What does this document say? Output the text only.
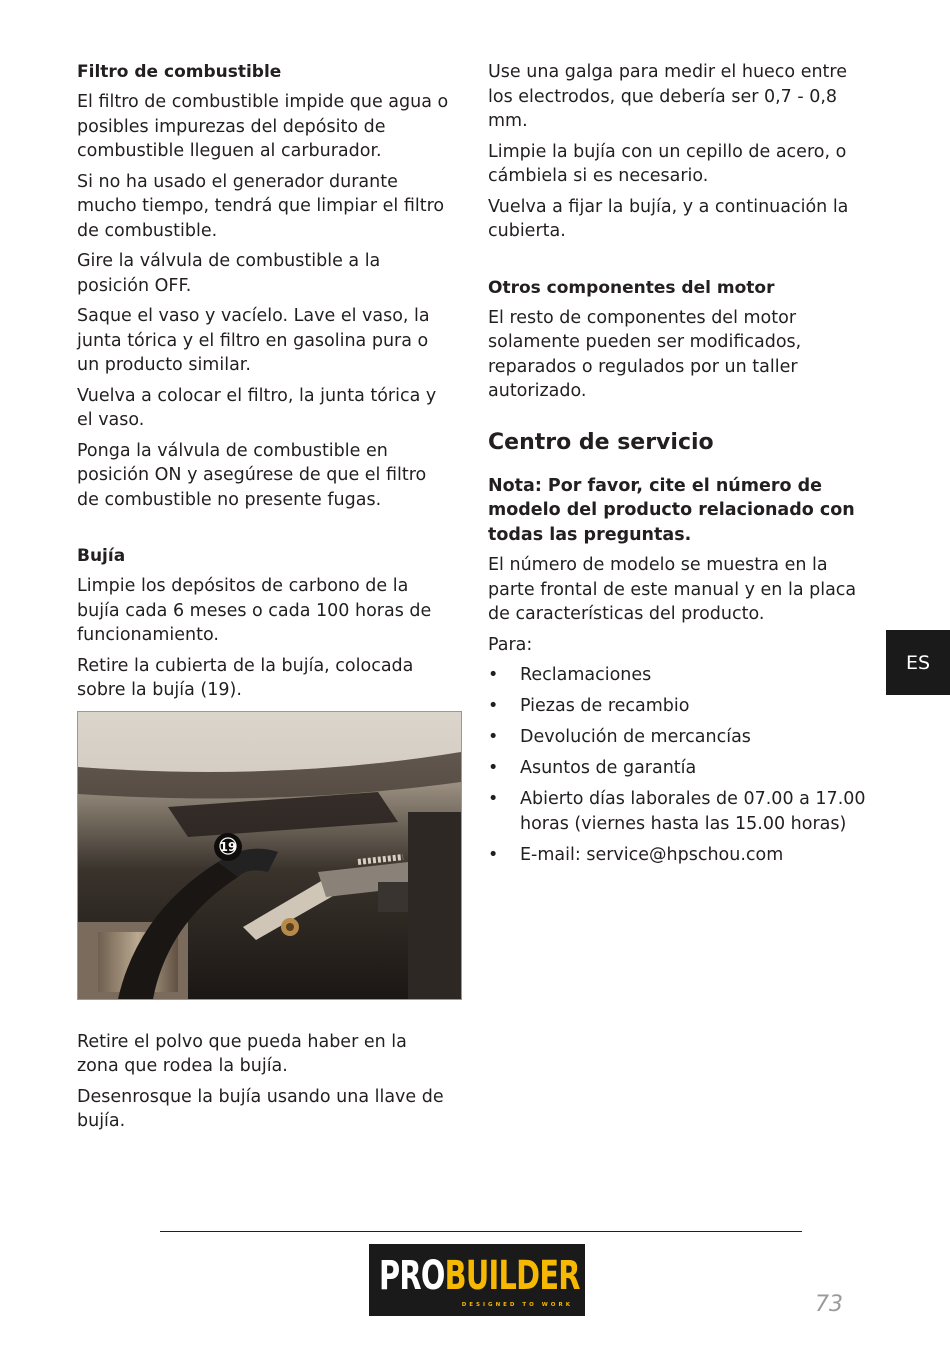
Filtro de combustible

El filtro de combustible impide que agua o posibles impurezas del depósito de combustible lleguen al carburador.

Si no ha usado el generador durante mucho tiempo, tendrá que limpiar el filtro de combustible.

Gire la válvula de combustible a la posición OFF.

Saque el vaso y vacíelo. Lave el vaso, la junta tórica y el filtro en gasolina pura o un producto similar.

Vuelva a colocar el filtro, la junta tórica y el vaso.

Ponga la válvula de combustible en posición ON y asegúrese de que el filtro de combustible no presente fugas.

Bujía

Limpie los depósitos de carbono de la bujía cada 6 meses o cada 100 horas de funcionamiento.

Retire la cubierta de la bujía, colocada sobre la bujía (19).

19

Retire el polvo que pueda haber en la zona que rodea la bujía.

Desenrosque la bujía usando una llave de bujía.

Use una galga para medir el hueco entre los electrodos, que debería ser 0,7 - 0,8 mm.

Limpie la bujía con un cepillo de acero, o cámbiela si es necesario.

Vuelva a fijar la bujía, y a continuación la cubierta.

Otros componentes del motor

El resto de componentes del motor solamente pueden ser modificados, reparados o regulados por un taller autorizado.

Centro de servicio

Nota: Por favor, cite el número de modelo del producto relacionado con todas las preguntas.

El número de modelo se muestra en la parte frontal de este manual y en la placa de características del producto.

Para:

• Reclamaciones
• Piezas de recambio
• Devolución de mercancías
• Asuntos de garantía
• Abierto días laborales de 07.00 a 17.00 horas (viernes hasta las 15.00 horas)
• E-mail: service@hpschou.com
ES
PROBUILDER
DESIGNED TO WORK	73
